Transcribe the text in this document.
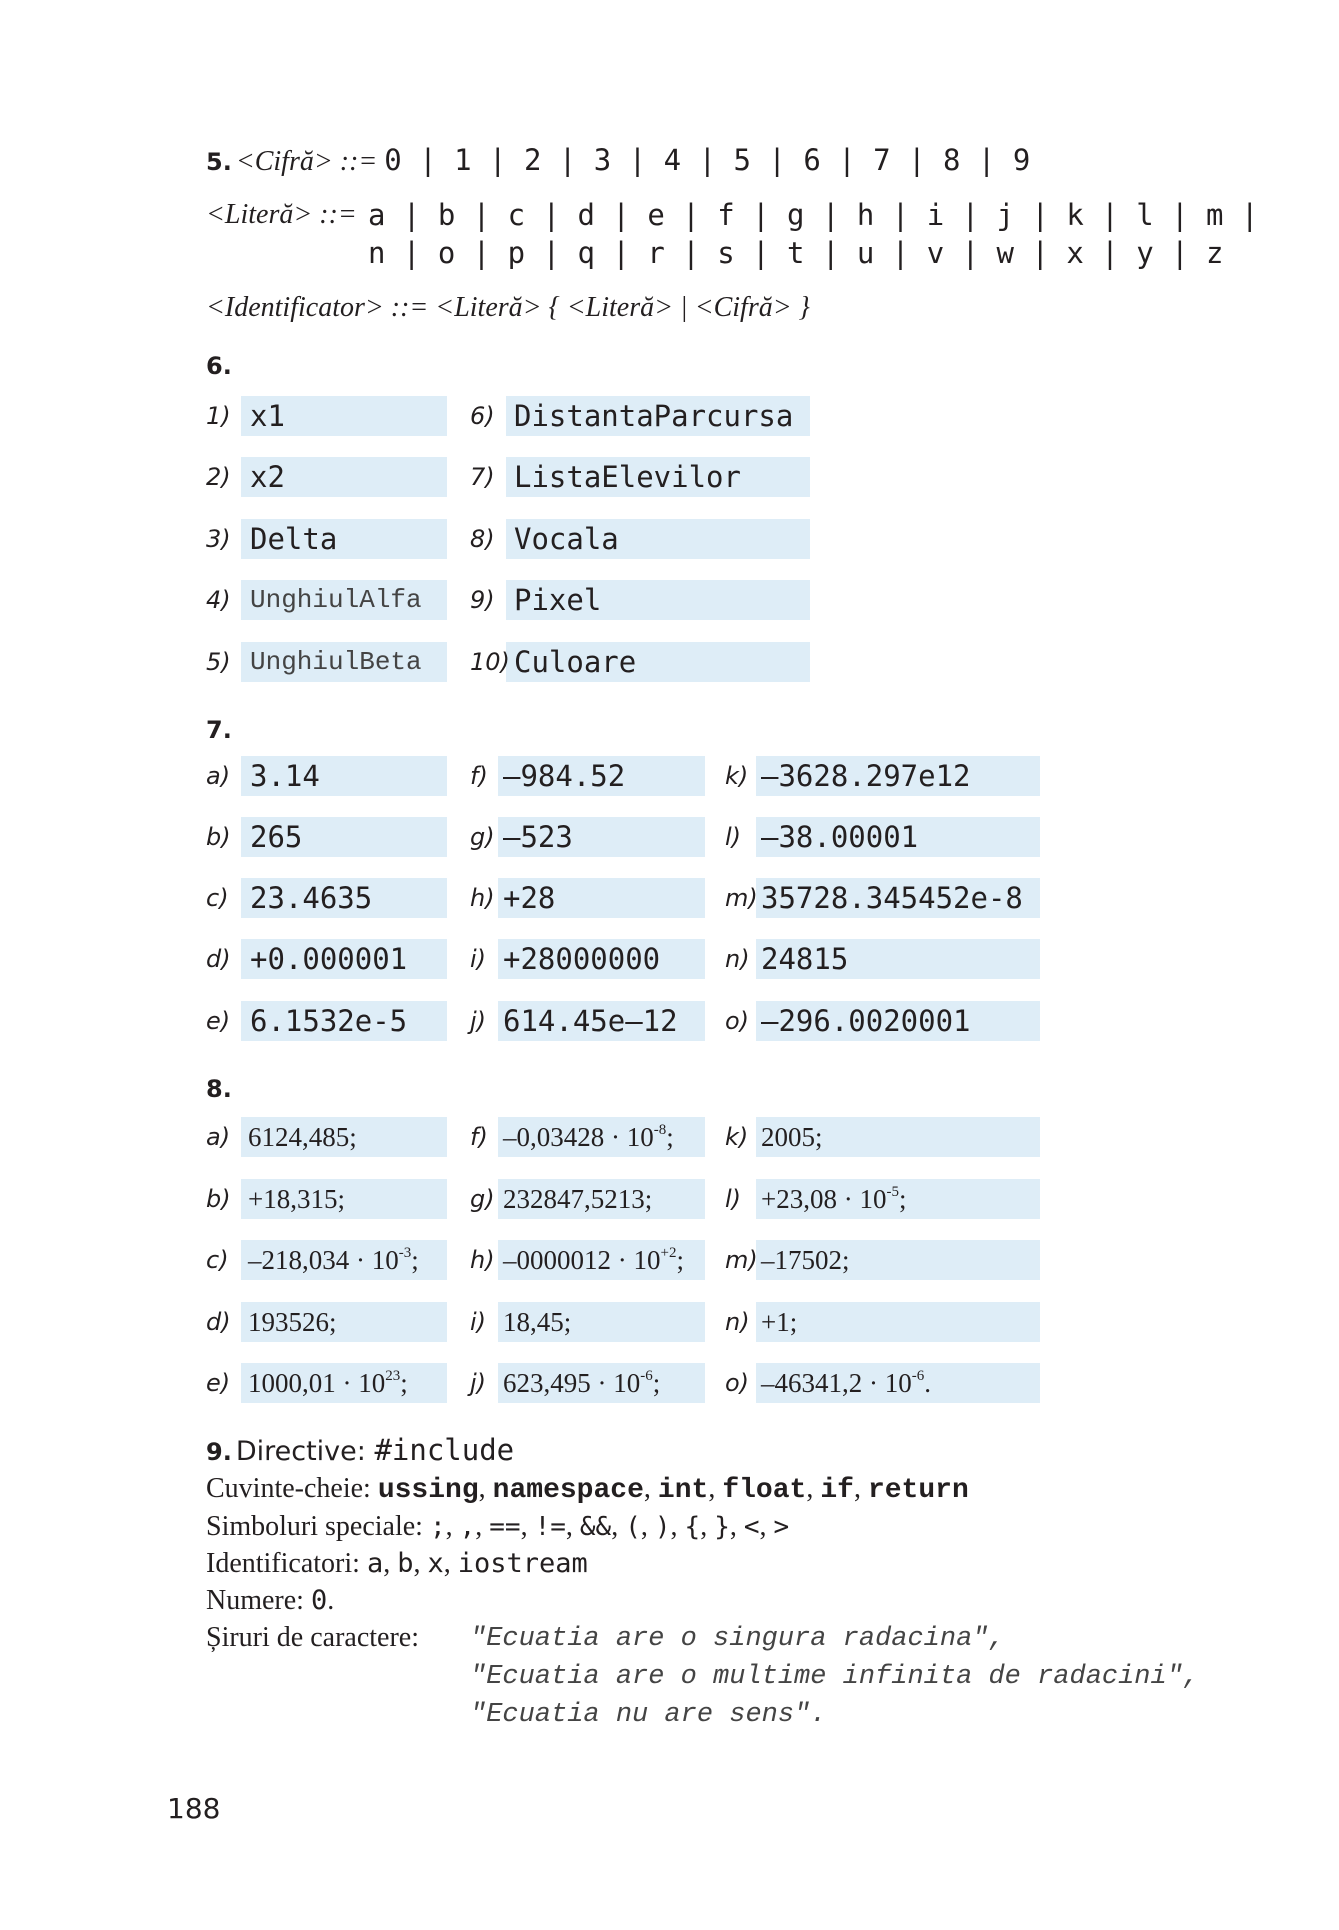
5. <Cifră> ::= 0 | 1 | 2 | 3 | 4 | 5 | 6 | 7 | 8 | 9
<Literă> ::= a | b | c | d | e | f | g | h | i | j | k | l | m |
n | o | p | q | r | s | t | u | v | w | x | y | z
<Identificator> ::= <Literă> { <Literă> | <Cifră> }
6.
1) x1
2) x2
3) Delta
4) UnghiulAlfa
5) UnghiulBeta
6) DistantaParcursa
7) ListaElevilor
8) Vocala
9) Pixel
10) Culoare
7.
a) 3.14
b) 265
c) 23.4635
d) +0.000001
e) 6.1532e-5
f) –984.52
g) –523
h) +28
i) +28000000
j) 614.45e–12
k) –3628.297e12
l) –38.00001
m) 35728.345452e-8
n) 24815
o) –296.0020001
8.
a) 6124,485;
b) +18,315;
c) $-218,034 \cdot 10^{-3}$;
d) 193526;
e) $1000,01 \cdot 10^{23}$;
f) $-0,03428 \cdot 10^{-8}$;
g) 232847,5213;
h) $-0000012 \cdot 10^{+2}$;
i) 18,45;
j) $623,495 \cdot 10^{-6}$;
k) 2005;
$l) +23,08 \cdot 10^{-5}$;
m) –17502;
n) +1;
o) $-46341,2 \cdot 10^{-6}$.
9. Directive: #include
Cuvinte-cheie: ussing, namespace, int, float, if, return
Simboluri speciale: ;, ,, ==, !=, &&, (, ), {, }, <, >
Identificatori: a, b, x, iostream
Numere: 0.
Șiruri de caractere: "Ecuatia are o singura radacina",
"Ecuatia are o multime infinita de radacini",
"Ecuatia nu are sens".
188
